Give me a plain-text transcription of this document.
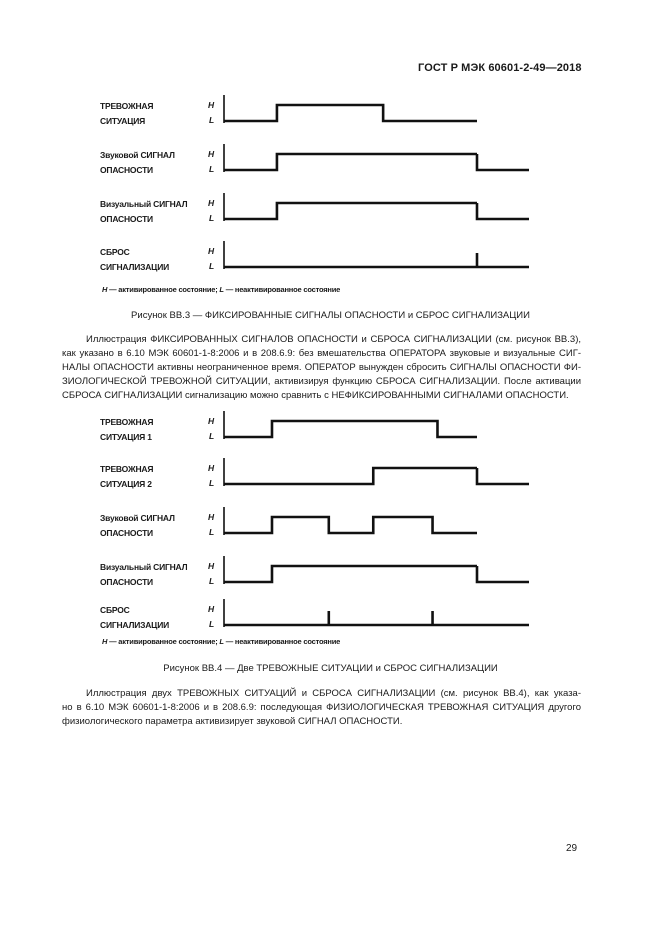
ГОСТ Р МЭК 60601-2-49—2018
ТРЕВОЖНАЯ
СИТУАЦИЯ
H
L
Звуковой СИГНАЛ
ОПАСНОСТИ
H
L
Визуальный СИГНАЛ
ОПАСНОСТИ
H
L
СБРОС
СИГНАЛИЗАЦИИ
H
L
H — активированное состояние; L — неактивированное состояние
Рисунок ВВ.3 — ФИКСИРОВАННЫЕ СИГНАЛЫ ОПАСНОСТИ и СБРОС СИГНАЛИЗАЦИИ
Иллюстрация ФИКСИРОВАННЫХ СИГНАЛОВ ОПАСНОСТИ и СБРОСА СИГНАЛИЗАЦИИ (см. рисунок ВВ.3),
как указано в 6.10 МЭК 60601-1-8:2006 и в 208.6.9: без вмешательства ОПЕРАТОРА звуковые и визуальные СИГ-
НАЛЫ ОПАСНОСТИ активны неограниченное время. ОПЕРАТОР вынужден сбросить СИГНАЛЫ ОПАСНОСТИ ФИ-
ЗИОЛОГИЧЕСКОЙ ТРЕВОЖНОЙ СИТУАЦИИ, активизируя функцию СБРОСА СИГНАЛИЗАЦИИ. После активации
СБРОСА СИГНАЛИЗАЦИИ сигнализацию можно сравнить с НЕФИКСИРОВАННЫМИ СИГНАЛАМИ ОПАСНОСТИ.
ТРЕВОЖНАЯ
СИТУАЦИЯ 1
H
L
ТРЕВОЖНАЯ
СИТУАЦИЯ 2
H
L
Звуковой СИГНАЛ
ОПАСНОСТИ
H
L
Визуальный СИГНАЛ
ОПАСНОСТИ
H
L
СБРОС
СИГНАЛИЗАЦИИ
H
L
H — активированное состояние; L — неактивированное состояние
Рисунок ВВ.4 — Две ТРЕВОЖНЫЕ СИТУАЦИИ и СБРОС СИГНАЛИЗАЦИИ
Иллюстрация двух ТРЕВОЖНЫХ СИТУАЦИЙ и СБРОСА СИГНАЛИЗАЦИИ (см. рисунок ВВ.4), как указа-
но в 6.10 МЭК 60601-1-8:2006 и в 208.6.9: последующая ФИЗИОЛОГИЧЕСКАЯ ТРЕВОЖНАЯ СИТУАЦИЯ другого
физиологического параметра активизирует звуковой СИГНАЛ ОПАСНОСТИ.
29
